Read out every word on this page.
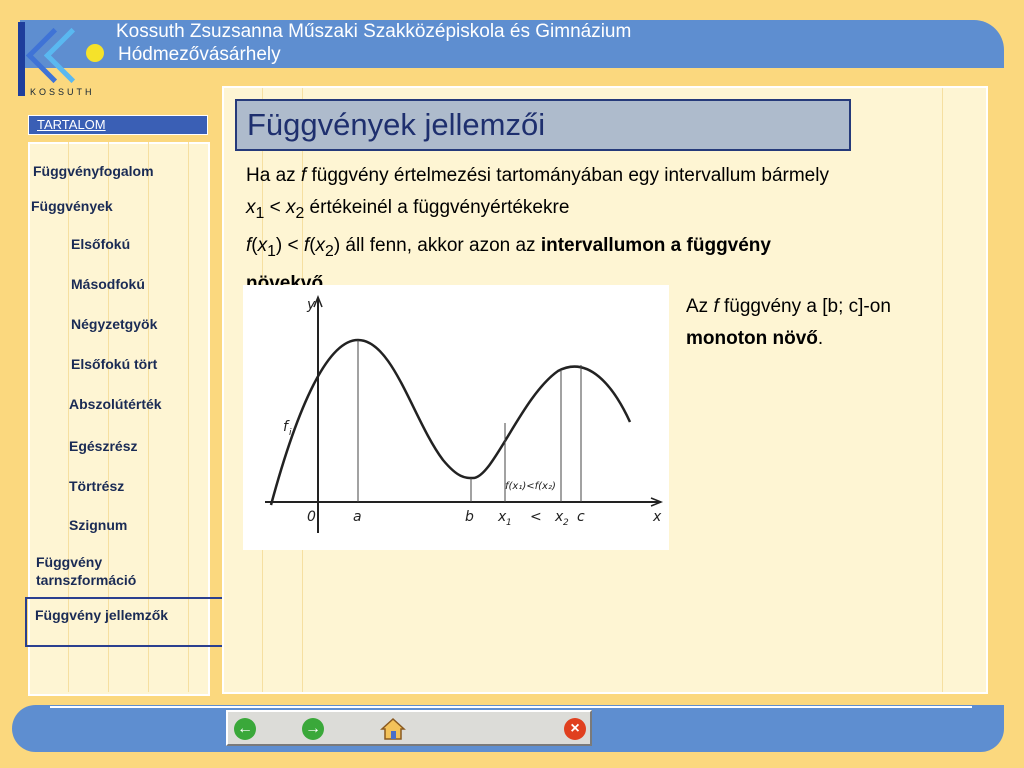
KOSSUTH
Kossuth Zsuzsanna Műszaki Szakközépiskola és Gimnázium
Hódmezővásárhely
TARTALOM
Függvényfogalom
Függvények
Elsőfokú
Másodfokú
Négyzetgyök
Elsőfokú tört
Abszolútérték
Egészrész
Törtrész
Szignum
Függvény tarnszformáció
Függvény jellemzők
Függvények jellemzői
Ha az f függvény értelmezési tartományában egy intervallum bármely $x_1 < x_2$ értékeinél a függvényértékekre
$f(x_1) < f(x_2)$ áll fenn, akkor azon az intervallumon a függvény növekvő.
Az f függvény a [b; c]-on
monoton növő.
y
x
0	a	b	c
x 1 < x 2
f i
f(x₁)<f(x₂)
←	→	×
